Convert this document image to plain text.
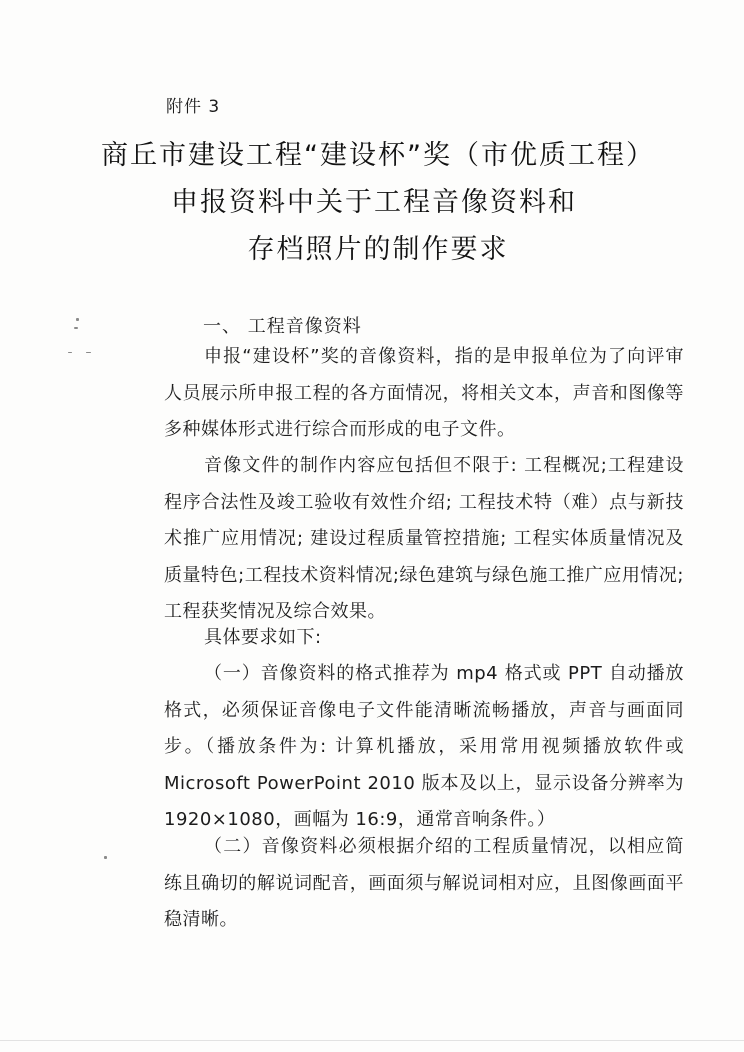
附件 3
商丘市建设工程“建设杯”奖（市优质工程）
申报资料中关于工程音像资料和
存档照片的制作要求
一、 工程音像资料

申报“建设杯”奖的音像资料，指的是申报单位为了向评审人员展示所申报工程的各方面情况，将相关文本，声音和图像等多种媒体形式进行综合而形成的电子文件。

音像文件的制作内容应包括但不限于: 工程概况;工程建设程序合法性及竣工验收有效性介绍; 工程技术特（难）点与新技术推广应用情况; 建设过程质量管控措施; 工程实体质量情况及质量特色;工程技术资料情况;绿色建筑与绿色施工推广应用情况;工程获奖情况及综合效果。

具体要求如下:

（一）音像资料的格式推荐为 mp4 格式或 PPT 自动播放格式，必须保证音像电子文件能清晰流畅播放，声音与画面同步。（播放条件为: 计算机播放，采用常用视频播放软件或 Microsoft PowerPoint 2010 版本及以上，显示设备分辨率为 1920×1080，画幅为 16:9，通常音响条件。）

（二）音像资料必须根据介绍的工程质量情况，以相应简练且确切的解说词配音，画面须与解说词相对应，且图像画面平稳清晰。
